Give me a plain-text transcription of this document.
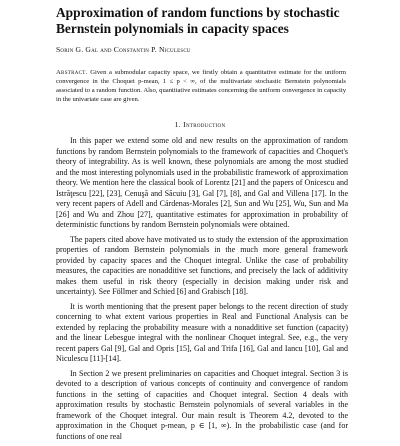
Approximation of random functions by stochastic Bernstein polynomials in capacity spaces
Sorin G. Gal and Constantin P. Niculescu

Abstract. Given a submodular capacity space, we firstly obtain a quantitative estimate for the uniform convergence in the Choquet p-mean, 1 ≤ p < ∞, of the multivariate stochastic Bernstein polynomials associated to a random function. Also, quantitative estimates concerning the uniform convergence in capacity in the univariate case are given.

1. Introduction

In this paper we extend some old and new results on the approximation of random functions by random Bernstein polynomials to the framework of capacities and Choquet's theory of integrability. As is well known, these polynomials are among the most studied and the most interesting polynomials used in the probabilistic framework of approximation theory. We mention here the classical book of Lorentz [21] and the papers of Onicescu and Istrăţescu [22], [23], Cenuşă and Săcuiu [3], Gal [7], [8], and Gal and Villena [17]. In the very recent papers of Adell and Cárdenas-Morales [2], Sun and Wu [25], Wu, Sun and Ma [26] and Wu and Zhou [27], quantitative estimates for approximation in probability of deterministic functions by random Bernstein polynomials were obtained.

The papers cited above have motivated us to study the extension of the approximation properties of random Bernstein polynomials in the much more general framework provided by capacity spaces and the Choquet integral. Unlike the case of probability measures, the capacities are nonadditive set functions, and precisely the lack of additivity makes them useful in risk theory (especially in decision making under risk and uncertainty). See Föllmer and Schied [6] and Grabisch [18].

It is worth mentioning that the present paper belongs to the recent direction of study concerning to what extent various properties in Real and Functional Analysis can be extended by replacing the probability measure with a nonadditive set function (capacity) and the linear Lebesgue integral with the nonlinear Choquet integral. See, e.g., the very recent papers Gal [9], Gal and Opris [15], Gal and Trifa [16], Gal and Iancu [10], Gal and Niculescu [11]-[14].

In Section 2 we present preliminaries on capacities and Choquet integral. Section 3 is devoted to a description of various concepts of continuity and convergence of random functions in the setting of capacities and Choquet integral. Section 4 deals with approximation results by stochastic Bernstein polynomials of several variables in the framework of the Choquet integral. Our main result is Theorem 4.2, devoted to the approximation in the Choquet p-mean, p ∈ [1, ∞). In the probabilistic case (and for functions of one real
